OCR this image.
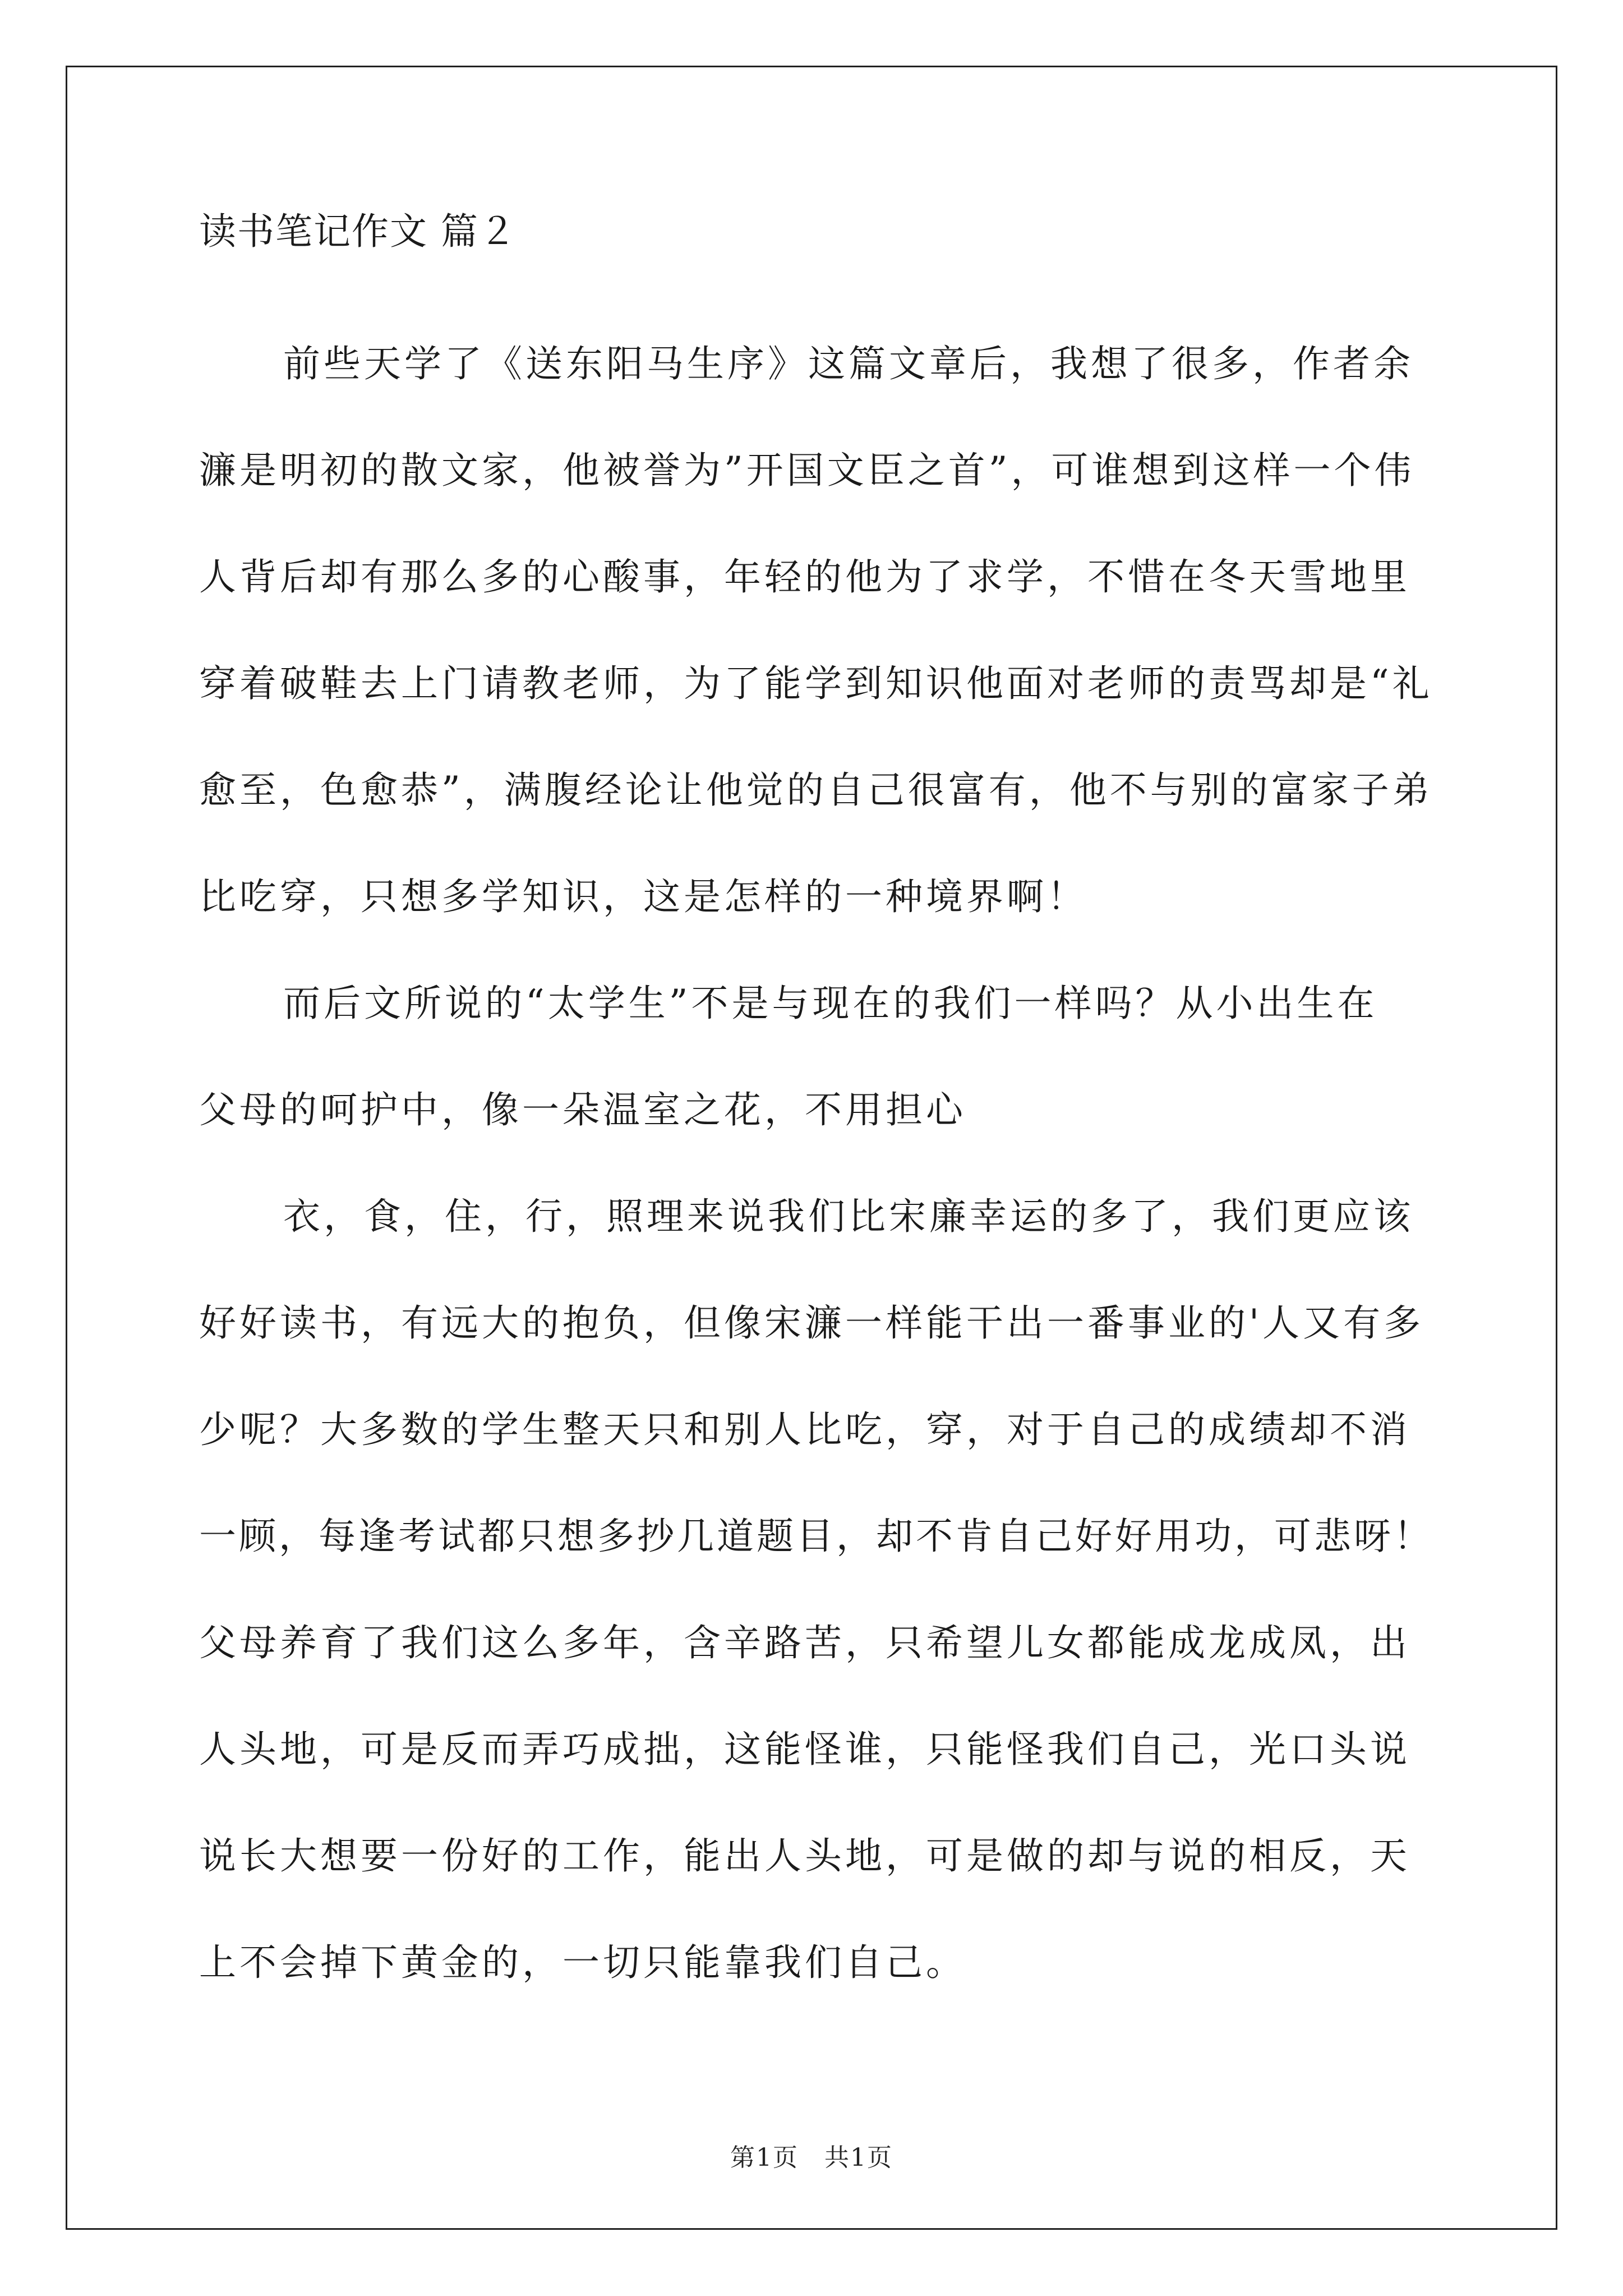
读书笔记作文 篇２
前些天学了《送东阳马生序》这篇文章后，我想了很多，作者余
濂是明初的散文家，他被誉为”开国文臣之首”，可谁想到这样一个伟
人背后却有那么多的心酸事，年轻的他为了求学，不惜在冬天雪地里
穿着破鞋去上门请教老师，为了能学到知识他面对老师的责骂却是“礼
愈至，色愈恭”，满腹经论让他觉的自己很富有，他不与别的富家子弟
比吃穿，只想多学知识，这是怎样的一种境界啊！
而后文所说的“太学生”不是与现在的我们一样吗？从小出生在
父母的呵护中，像一朵温室之花，不用担心
衣，食，住，行，照理来说我们比宋廉幸运的多了，我们更应该
好好读书，有远大的抱负，但像宋濂一样能干出一番事业的'人又有多
少呢？大多数的学生整天只和别人比吃，穿，对于自己的成绩却不消
一顾，每逢考试都只想多抄几道题目，却不肯自己好好用功，可悲呀！
父母养育了我们这么多年，含辛路苦，只希望儿女都能成龙成凤，出
人头地，可是反而弄巧成拙，这能怪谁，只能怪我们自己，光口头说
说长大想要一份好的工作，能出人头地，可是做的却与说的相反，天
上不会掉下黄金的，一切只能靠我们自己。
第1页　共1页
